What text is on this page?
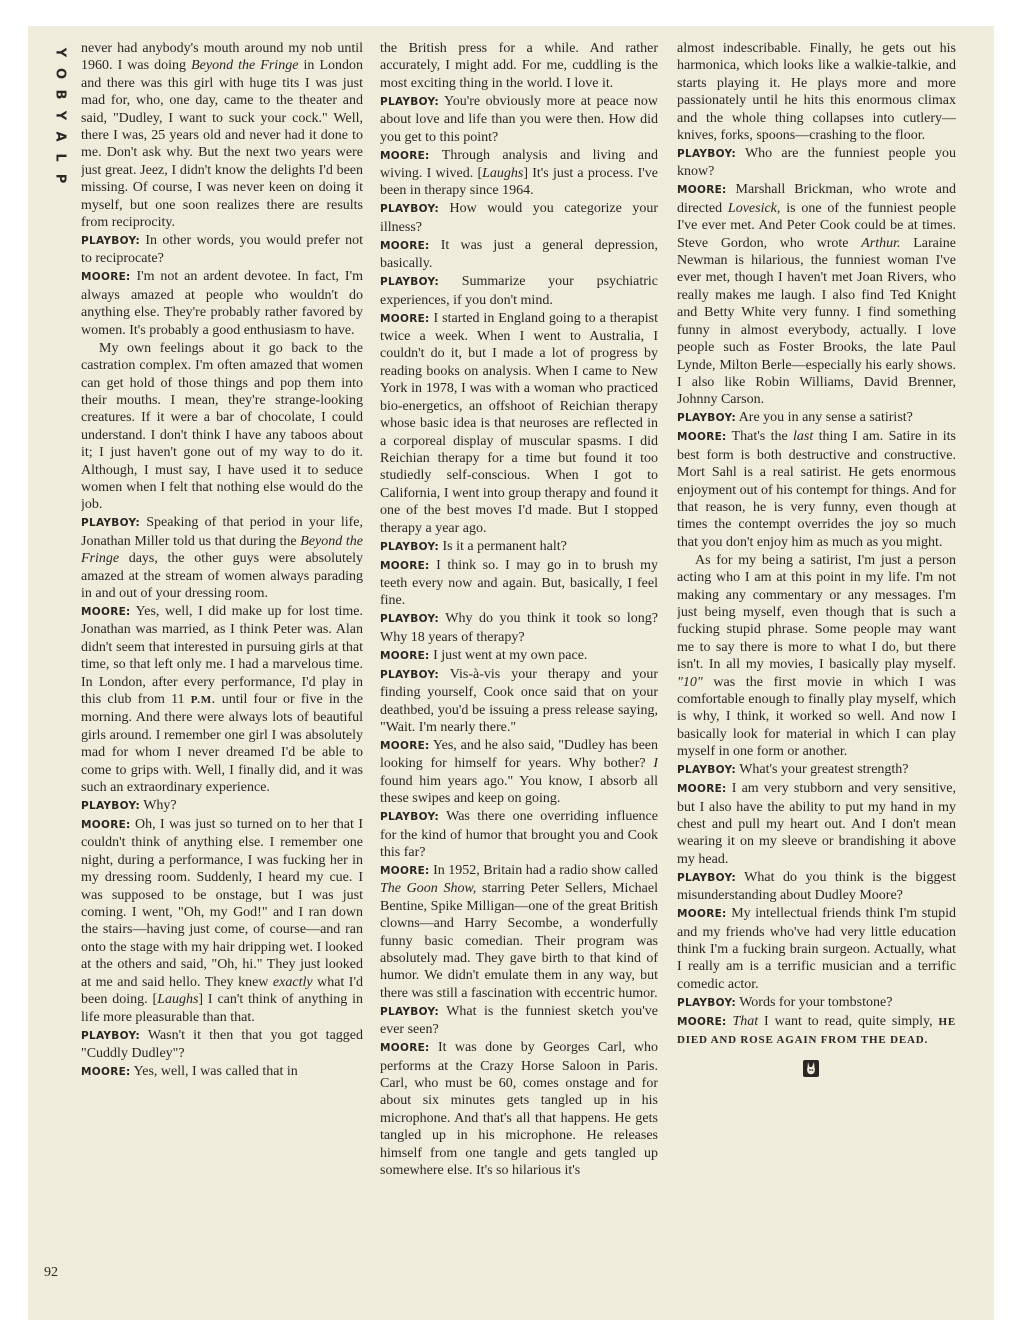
Y
O
B
Y
A
L
P

92

never had anybody's mouth around my nob until 1960. I was doing Beyond the Fringe in London and there was this girl with huge tits I was just mad for, who, one day, came to the theater and said, "Dudley, I want to suck your cock." Well, there I was, 25 years old and never had it done to me. Don't ask why. But the next two years were just great. Jeez, I didn't know the delights I'd been missing. Of course, I was never keen on doing it myself, but one soon realizes there are results from reciprocity.

PLAYBOY: In other words, you would prefer not to reciprocate?

MOORE: I'm not an ardent devotee. In fact, I'm always amazed at people who wouldn't do anything else. They're probably rather favored by women. It's probably a good enthusiasm to have.

My own feelings about it go back to the castration complex. I'm often amazed that women can get hold of those things and pop them into their mouths. I mean, they're strange-looking creatures. If it were a bar of chocolate, I could understand. I don't think I have any taboos about it; I just haven't gone out of my way to do it. Although, I must say, I have used it to seduce women when I felt that nothing else would do the job.

PLAYBOY: Speaking of that period in your life, Jonathan Miller told us that during the Beyond the Fringe days, the other guys were absolutely amazed at the stream of women always parading in and out of your dressing room.

MOORE: Yes, well, I did make up for lost time. Jonathan was married, as I think Peter was. Alan didn't seem that interested in pursuing girls at that time, so that left only me. I had a marvelous time. In London, after every performance, I'd play in this club from 11 P.M. until four or five in the morning. And there were always lots of beautiful girls around. I remember one girl I was absolutely mad for whom I never dreamed I'd be able to come to grips with. Well, I finally did, and it was such an extraordinary experience.

PLAYBOY: Why?

MOORE: Oh, I was just so turned on to her that I couldn't think of anything else. I remember one night, during a performance, I was fucking her in my dressing room. Suddenly, I heard my cue. I was supposed to be onstage, but I was just coming. I went, "Oh, my God!" and I ran down the stairs—having just come, of course—and ran onto the stage with my hair dripping wet. I looked at the others and said, "Oh, hi." They just looked at me and said hello. They knew exactly what I'd been doing. [Laughs] I can't think of anything in life more pleasurable than that.

PLAYBOY: Wasn't it then that you got tagged "Cuddly Dudley"?

MOORE: Yes, well, I was called that in

the British press for a while. And rather accurately, I might add. For me, cuddling is the most exciting thing in the world. I love it.

PLAYBOY: You're obviously more at peace now about love and life than you were then. How did you get to this point?

MOORE: Through analysis and living and wiving. I wived. [Laughs] It's just a process. I've been in therapy since 1964.

PLAYBOY: How would you categorize your illness?

MOORE: It was just a general depression, basically.

PLAYBOY: Summarize your psychiatric experiences, if you don't mind.

MOORE: I started in England going to a therapist twice a week. When I went to Australia, I couldn't do it, but I made a lot of progress by reading books on analysis. When I came to New York in 1978, I was with a woman who practiced bio-energetics, an offshoot of Reichian therapy whose basic idea is that neuroses are reflected in a corporeal display of muscular spasms. I did Reichian therapy for a time but found it too studiedly self-conscious. When I got to California, I went into group therapy and found it one of the best moves I'd made. But I stopped therapy a year ago.

PLAYBOY: Is it a permanent halt?

MOORE: I think so. I may go in to brush my teeth every now and again. But, basically, I feel fine.

PLAYBOY: Why do you think it took so long? Why 18 years of therapy?

MOORE: I just went at my own pace.

PLAYBOY: Vis-à-vis your therapy and your finding yourself, Cook once said that on your deathbed, you'd be issuing a press release saying, "Wait. I'm nearly there."

MOORE: Yes, and he also said, "Dudley has been looking for himself for years. Why bother? I found him years ago." You know, I absorb all these swipes and keep on going.

PLAYBOY: Was there one overriding influence for the kind of humor that brought you and Cook this far?

MOORE: In 1952, Britain had a radio show called The Goon Show, starring Peter Sellers, Michael Bentine, Spike Milligan—one of the great British clowns—and Harry Secombe, a wonderfully funny basic comedian. Their program was absolutely mad. They gave birth to that kind of humor. We didn't emulate them in any way, but there was still a fascination with eccentric humor.

PLAYBOY: What is the funniest sketch you've ever seen?

MOORE: It was done by Georges Carl, who performs at the Crazy Horse Saloon in Paris. Carl, who must be 60, comes onstage and for about six minutes gets tangled up in his microphone. And that's all that happens. He gets tangled up in his microphone. He releases himself from one tangle and gets tangled up somewhere else. It's so hilarious it's

almost indescribable. Finally, he gets out his harmonica, which looks like a walkie-talkie, and starts playing it. He plays more and more passionately until he hits this enormous climax and the whole thing collapses into cutlery—knives, forks, spoons—crashing to the floor.

PLAYBOY: Who are the funniest people you know?

MOORE: Marshall Brickman, who wrote and directed Lovesick, is one of the funniest people I've ever met. And Peter Cook could be at times. Steve Gordon, who wrote Arthur. Laraine Newman is hilarious, the funniest woman I've ever met, though I haven't met Joan Rivers, who really makes me laugh. I also find Ted Knight and Betty White very funny. I find something funny in almost everybody, actually. I love people such as Foster Brooks, the late Paul Lynde, Milton Berle—especially his early shows. I also like Robin Williams, David Brenner, Johnny Carson.

PLAYBOY: Are you in any sense a satirist?

MOORE: That's the last thing I am. Satire in its best form is both destructive and constructive. Mort Sahl is a real satirist. He gets enormous enjoyment out of his contempt for things. And for that reason, he is very funny, even though at times the contempt overrides the joy so much that you don't enjoy him as much as you might.

As for my being a satirist, I'm just a person acting who I am at this point in my life. I'm not making any commentary or any messages. I'm just being myself, even though that is such a fucking stupid phrase. Some people may want me to say there is more to what I do, but there isn't. In all my movies, I basically play myself. "10" was the first movie in which I was comfortable enough to finally play myself, which is why, I think, it worked so well. And now I basically look for material in which I can play myself in one form or another.

PLAYBOY: What's your greatest strength?

MOORE: I am very stubborn and very sensitive, but I also have the ability to put my hand in my chest and pull my heart out. And I don't mean wearing it on my sleeve or brandishing it above my head.

PLAYBOY: What do you think is the biggest misunderstanding about Dudley Moore?

MOORE: My intellectual friends think I'm stupid and my friends who've had very little education think I'm a fucking brain surgeon. Actually, what I really am is a terrific musician and a terrific comedic actor.

PLAYBOY: Words for your tombstone?

MOORE: That I want to read, quite simply, HE DIED AND ROSE AGAIN FROM THE DEAD.
